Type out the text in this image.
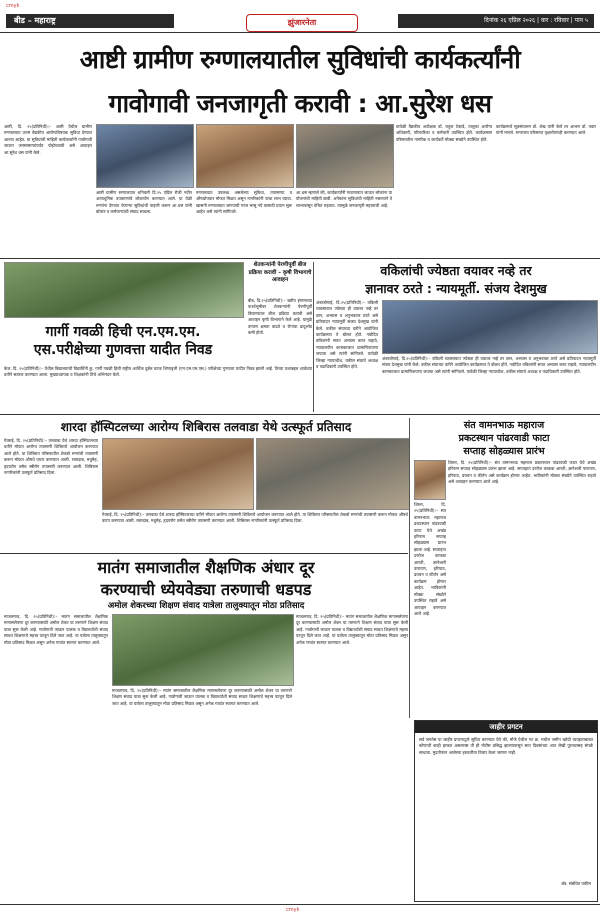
cmyk
बीड – महाराष्ट्र	झुंजारनेता	दिनांक २६ एप्रिल २०२६ | वार : रविवार | पान ५
आष्टी ग्रामीण रुग्णालयातील सुविधांची कार्यकर्त्यांनी
गावोगावी जनजागृती करावी : आ.सुरेश धस
आष्टी, दि. २५(प्रतिनिधी):– आष्टी येथील ग्रामीण रुग्णालयात उत्तम वैद्यकीय आरोग्यविषयक सुविधा देण्यात आल्या आहेत. या सुविधांची माहिती कार्यकर्त्यांनी गावोगावी जाऊन जनसामान्यांपर्यंत पोहोचवावी असे आवाहन आ.सुरेश धस यांनी केले.
यावेळी वैद्यकीय अधीक्षक डॉ. राहुल टेकाडे, तालुका आरोग्य अधिकारी, परिचारिका व कर्मचारी उपस्थित होते. कार्यक्रमास परिसरातील नागरिक व कार्यकर्ते मोठ्या संख्येने उपस्थित होते.
कार्यक्रमाचे सूत्रसंचालन डॉ. शेख यांनी केले तर आभार डॉ. पवार यांनी मानले. रुग्णालय परिसरात वृक्षारोपणही करण्यात आले.
आष्टी ग्रामीण रुग्णालयात शनिवारी दि.२५ एप्रिल रोजी नवीन अत्याधुनिक उपकरणांचे लोकार्पण करण्यात आले. या वेळी रुग्णांना देण्यात येणाऱ्या सुविधांची पाहणी करून आ.धस यांनी डॉक्टर व कर्मचाऱ्यांशी संवाद साधला.
रुग्णालयात उपलब्ध असलेल्या सुविधा, तपासण्या व औषधोपचार मोफत मिळत असून नागरिकांनी याचा लाभ घ्यावा. खासगी रुग्णालयात जाण्याची गरज भासू नये यासाठी प्रयत्न सुरू आहेत असे त्यांनी सांगितले.
आ.धस म्हणाले की, कार्यकर्त्यांनी गावागावांत जाऊन लोकांना या योजनांची माहिती द्यावी. अनेकांना सुविधांची माहिती नसल्याने ते लाभापासून वंचित राहतात. त्यामुळे जनजागृती महत्त्वाची आहे.
शेतकऱ्यांनी पेरणीपूर्वी बीज प्रक्रिया करावी – कृषी विभागाचे आवाहन
बीड, दि.२५(प्रतिनिधी):– खरीप हंगामाच्या पार्श्वभूमीवर शेतकऱ्यांनी पेरणीपूर्वी बियाण्यांवर बीज प्रक्रिया करावी असे आवाहन कृषी विभागाने केले आहे. यामुळे उगवण क्षमता वाढते व रोगांचा प्रादुर्भाव कमी होतो.
गार्गी गवळी हिची एन.एम.एम.
एस.परीक्षेच्या गुणवत्ता यादीत निवड
केज, दि. २५(प्रतिनिधी):– येथील विद्यालयाची विद्यार्थिनी कु. गार्गी गवळी हिची राष्ट्रीय आर्थिक दुर्बल घटक शिष्यवृत्ती (एन.एम.एम.एस.) परीक्षेच्या गुणवत्ता यादीत निवड झाली आहे. तिच्या यशाबद्दल शाळेच्या वतीने सत्कार करण्यात आला. मुख्याध्यापक व शिक्षकांनी तिचे अभिनंदन केले.
वकिलांची ज्येष्ठता वयावर नव्हे तर
ज्ञानावर ठरते : न्यायमूर्ती. संजय देशमुख
अंबाजोगाई, दि.२५(प्रतिनिधी):– वकिली व्यवसायात ज्येष्ठता ही वयावर नव्हे तर ज्ञान, अभ्यास व अनुभवावर ठरते असे प्रतिपादन न्यायमूर्ती संजय देशमुख यांनी केले. वकील संघाच्या वतीने आयोजित कार्यक्रमात ते बोलत होते. नवोदित वकिलांनी सतत अभ्यास करत राहावे, न्यायालयीन कामकाजात प्रामाणिकपणा जपावा असे त्यांनी सांगितले. यावेळी जिल्हा न्यायाधीश, वकील संघाचे अध्यक्ष व पदाधिकारी उपस्थित होते.
अंबाजोगाई, दि.२५(प्रतिनिधी):– वकिली व्यवसायात ज्येष्ठता ही वयावर नव्हे तर ज्ञान, अभ्यास व अनुभवावर ठरते असे प्रतिपादन न्यायमूर्ती संजय देशमुख यांनी केले. वकील संघाच्या वतीने आयोजित कार्यक्रमात ते बोलत होते. नवोदित वकिलांनी सतत अभ्यास करत राहावे, न्यायालयीन कामकाजात प्रामाणिकपणा जपावा असे त्यांनी सांगितले. यावेळी जिल्हा न्यायाधीश, वकील संघाचे अध्यक्ष व पदाधिकारी उपस्थित होते.
शारदा हॉस्पिटलच्या आरोग्य शिबिरास तलवाडा येथे उत्स्फूर्त प्रतिसाद
गेवराई, दि. २५(प्रतिनिधी):– तलवाडा येथे शारदा हॉस्पिटलच्या वतीने मोफत आरोग्य तपासणी शिबिराचे आयोजन करण्यात आले होते. या शिबिरात परिसरातील शेकडो रुग्णांची तपासणी करून मोफत औषधे वाटप करण्यात आली. रक्तदाब, मधुमेह, हृदयरोग तसेच स्त्रीरोग तपासणी करण्यात आली. शिबिरास नागरिकांनी उत्स्फूर्त प्रतिसाद दिला.
गेवराई, दि. २५(प्रतिनिधी):– तलवाडा येथे शारदा हॉस्पिटलच्या वतीने मोफत आरोग्य तपासणी शिबिराचे आयोजन करण्यात आले होते. या शिबिरात परिसरातील शेकडो रुग्णांची तपासणी करून मोफत औषधे वाटप करण्यात आली. रक्तदाब, मधुमेह, हृदयरोग तसेच स्त्रीरोग तपासणी करण्यात आली. शिबिरास नागरिकांनी उत्स्फूर्त प्रतिसाद दिला.
संत वामनभाऊ महाराज
प्रकटस्थान पांढरवाडी फाटा
सप्ताह सोहळ्यास प्रारंभ
शिरूर, दि. २५(प्रतिनिधी):– संत वामनभाऊ महाराज प्रकटस्थान पांढरवाडी फाटा येथे अखंड हरिनाम सप्ताह सोहळ्यास प्रारंभ झाला आहे. सप्ताहात दररोज काकडा आरती, ज्ञानेश्वरी पारायण, हरिपाठ, प्रवचन व कीर्तन असे कार्यक्रम होणार आहेत. भाविकांनी मोठ्या संख्येने उपस्थित राहावे असे आवाहन करण्यात आले आहे.
शिरूर, दि. २५(प्रतिनिधी):– संत वामनभाऊ महाराज प्रकटस्थान पांढरवाडी फाटा येथे अखंड हरिनाम सप्ताह सोहळ्यास प्रारंभ झाला आहे. सप्ताहात दररोज काकडा आरती, ज्ञानेश्वरी पारायण, हरिपाठ, प्रवचन व कीर्तन असे कार्यक्रम होणार आहेत. भाविकांनी मोठ्या संख्येने उपस्थित राहावे असे आवाहन करण्यात आले आहे.
मातंग समाजातील शैक्षणिक अंधार दूर
करण्याची ध्येयवेड्या तरुणाची धडपड
अमोल शेकरच्या शिक्षण संवाद यात्रेला तालुक्यातून मोठा प्रतिसाद
माजलगाव, दि. २५(प्रतिनिधी):– मातंग समाजातील शैक्षणिक मागासलेपणा दूर करण्यासाठी अमोल शेकर या तरुणाने शिक्षण संवाद यात्रा सुरू केली आहे. गावोगावी जाऊन पालक व विद्यार्थ्यांशी संवाद साधत शिक्षणाचे महत्त्व पटवून दिले जात आहे. या यात्रेला तालुक्यातून मोठा प्रतिसाद मिळत असून अनेक गावांत स्वागत करण्यात आले.
माजलगाव, दि. २५(प्रतिनिधी):– मातंग समाजातील शैक्षणिक मागासलेपणा दूर करण्यासाठी अमोल शेकर या तरुणाने शिक्षण संवाद यात्रा सुरू केली आहे. गावोगावी जाऊन पालक व विद्यार्थ्यांशी संवाद साधत शिक्षणाचे महत्त्व पटवून दिले जात आहे. या यात्रेला तालुक्यातून मोठा प्रतिसाद मिळत असून अनेक गावांत स्वागत करण्यात आले.
माजलगाव, दि. २५(प्रतिनिधी):– मातंग समाजातील शैक्षणिक मागासलेपणा दूर करण्यासाठी अमोल शेकर या तरुणाने शिक्षण संवाद यात्रा सुरू केली आहे. गावोगावी जाऊन पालक व विद्यार्थ्यांशी संवाद साधत शिक्षणाचे महत्त्व पटवून दिले जात आहे. या यात्रेला तालुक्यातून मोठा प्रतिसाद मिळत असून अनेक गावांत स्वागत करण्यात आले.
जाहीर प्रगटन
सर्व जनतेस या जाहीर प्रगटनाद्वारे सूचित करण्यात येते की, मौजे येथील गट क्र. मधील जमीन खरेदी व्यवहाराबाबत कोणाची काही हरकत असल्यास ती ही नोटीस प्रसिद्ध झाल्यापासून सात दिवसांच्या आत लेखी पुराव्यासह संपर्क साधावा. मुदतीनंतर आलेल्या हरकतींचा विचार केला जाणार नाही.
अ‍ॅड. संबंधित वकील
cmyk
